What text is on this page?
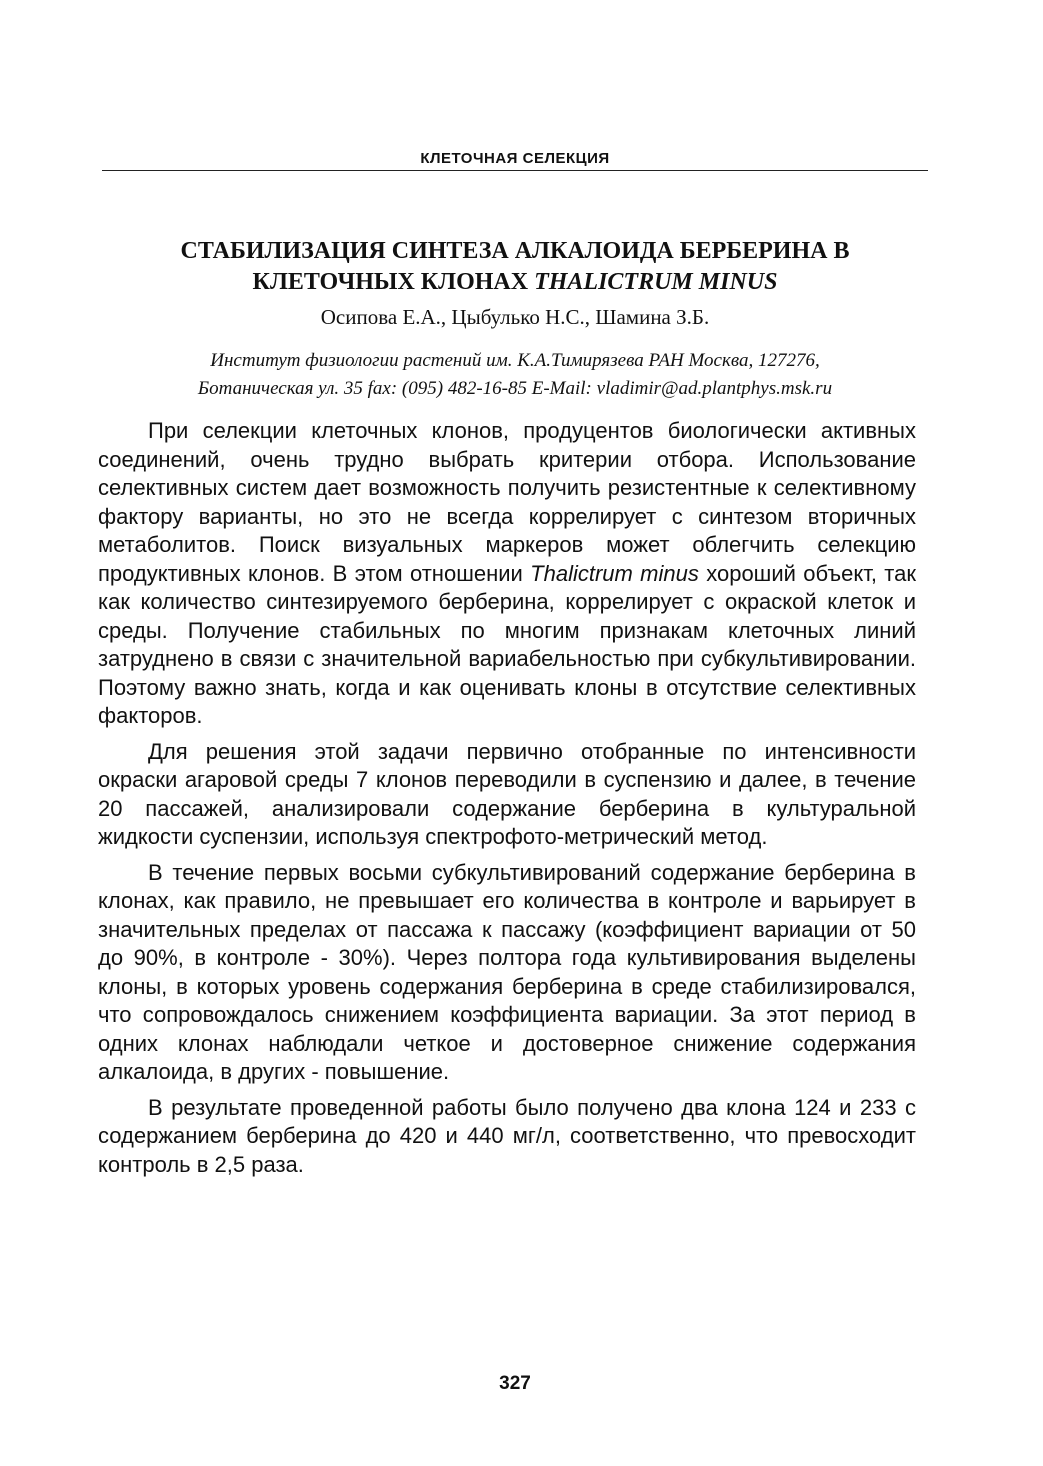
КЛЕТОЧНАЯ СЕЛЕКЦИЯ
СТАБИЛИЗАЦИЯ СИНТЕЗА АЛКАЛОИДА БЕРБЕРИНА В
КЛЕТОЧНЫХ КЛОНАХ THALICTRUM MINUS
Осипова Е.А., Цыбулько Н.С., Шамина З.Б.
Институт физиологии растений им. К.А.Тимирязева РАН Москва, 127276,
Ботаническая ул. 35 fax: (095) 482-16-85 E-Mail: vladimir@ad.plantphys.msk.ru

При селекции клеточных клонов, продуцентов биологически активных соединений, очень трудно выбрать критерии отбора. Использование селективных систем дает возможность получить резистентные к селективному фактору варианты, но это не всегда коррелирует с синтезом вторичных метаболитов. Поиск визуальных маркеров может облегчить селекцию продуктивных клонов. В этом отношении Thalictrum minus хороший объект, так как количество синтезируемого берберина, коррелирует с окраской клеток и среды. Получение стабильных по многим признакам клеточных линий затруднено в связи с значительной вариабельностью при субкультивировании. Поэтому важно знать, когда и как оценивать клоны в отсутствие селективных факторов.

Для решения этой задачи первично отобранные по интенсивности окраски агаровой среды 7 клонов переводили в суспензию и далее, в течение 20 пассажей, анализировали содержание берберина в культуральной жидкости суспензии, используя спектрофото-метрический метод.

В течение первых восьми субкультивирований содержание берберина в клонах, как правило, не превышает его количества в контроле и варьирует в значительных пределах от пассажа к пассажу (коэффициент вариации от 50 до 90%, в контроле - 30%). Через полтора года культивирования выделены клоны, в которых уровень содержания берберина в среде стабилизировался, что сопровождалось снижением коэффициента вариации. За этот период в одних клонах наблюдали четкое и достоверное снижение содержания алкалоида, в других - повышение.

В результате проведенной работы было получено два клона 124 и 233 с содержанием берберина до 420 и 440 мг/л, соответственно, что превосходит контроль в 2,5 раза.

327
